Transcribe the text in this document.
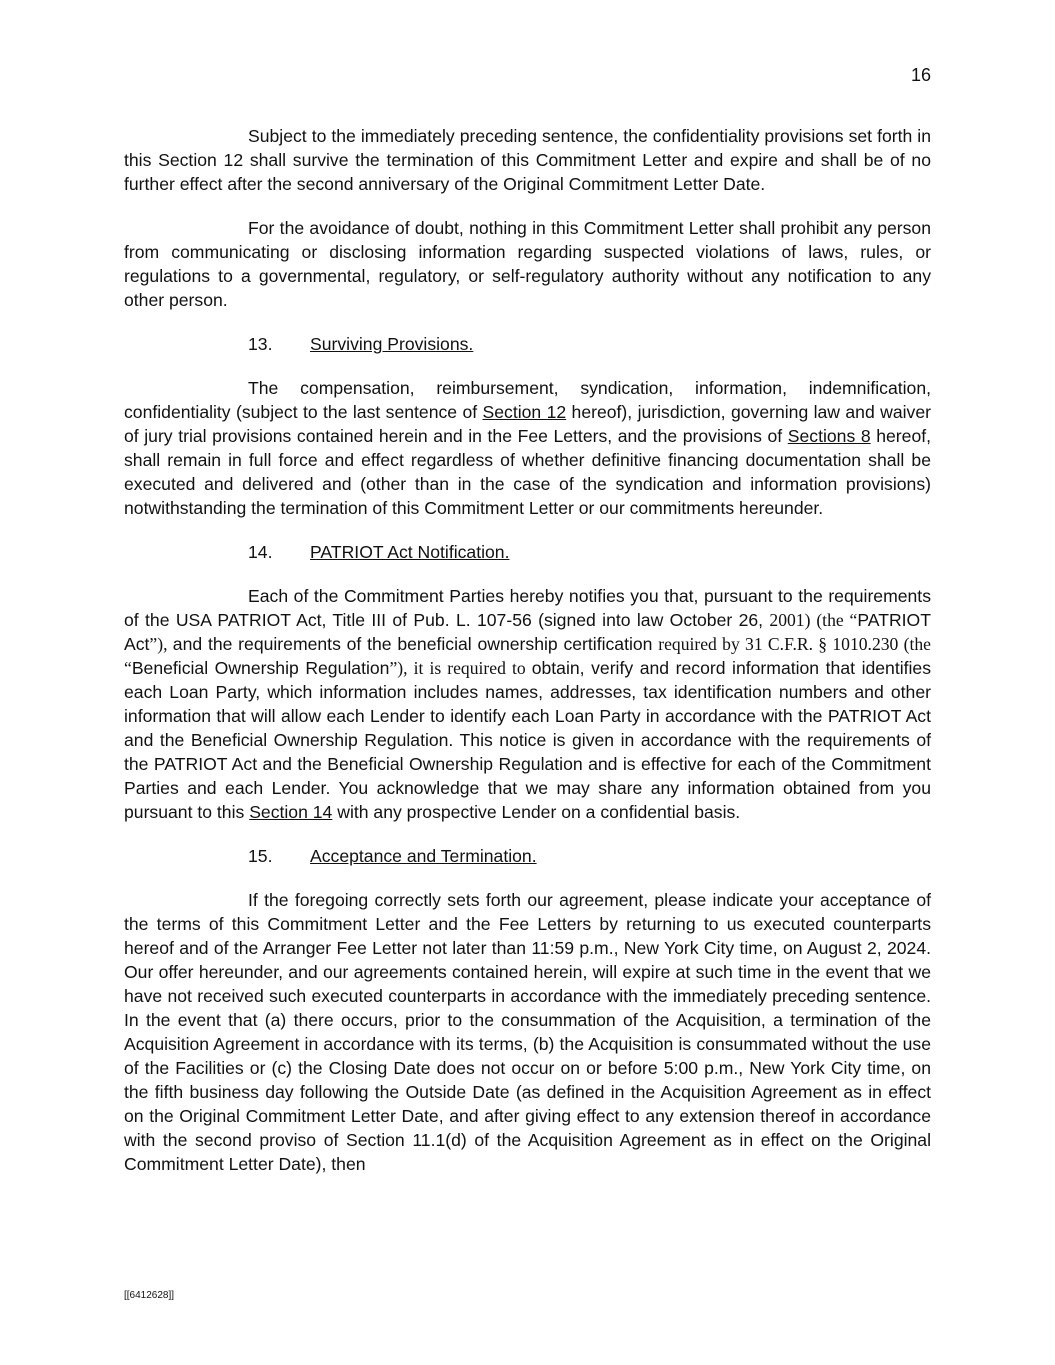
16

Subject to the immediately preceding sentence, the confidentiality provisions set forth in this Section 12 shall survive the termination of this Commitment Letter and expire and shall be of no further effect after the second anniversary of the Original Commitment Letter Date.

For the avoidance of doubt, nothing in this Commitment Letter shall prohibit any person from communicating or disclosing information regarding suspected violations of laws, rules, or regulations to a governmental, regulatory, or self-regulatory authority without any notification to any other person.

13.	Surviving Provisions.

The compensation, reimbursement, syndication, information, indemnification, confidentiality (subject to the last sentence of Section 12 hereof), jurisdiction, governing law and waiver of jury trial provisions contained herein and in the Fee Letters, and the provisions of Sections 8 hereof, shall remain in full force and effect regardless of whether definitive financing documentation shall be executed and delivered and (other than in the case of the syndication and information provisions) notwithstanding the termination of this Commitment Letter or our commitments hereunder.

14.	PATRIOT Act Notification.

Each of the Commitment Parties hereby notifies you that, pursuant to the requirements of the USA PATRIOT Act, Title III of Pub. L. 107-56 (signed into law October 26, 2001) (the “PATRIOT Act”), and the requirements of the beneficial ownership certification required by 31 C.F.R. § 1010.230 (the “Beneficial Ownership Regulation”), it is required to obtain, verify and record information that identifies each Loan Party, which information includes names, addresses, tax identification numbers and other information that will allow each Lender to identify each Loan Party in accordance with the PATRIOT Act and the Beneficial Ownership Regulation. This notice is given in accordance with the requirements of the PATRIOT Act and the Beneficial Ownership Regulation and is effective for each of the Commitment Parties and each Lender. You acknowledge that we may share any information obtained from you pursuant to this Section 14 with any prospective Lender on a confidential basis.

15.	Acceptance and Termination.

If the foregoing correctly sets forth our agreement, please indicate your acceptance of the terms of this Commitment Letter and the Fee Letters by returning to us executed counterparts hereof and of the Arranger Fee Letter not later than 11:59 p.m., New York City time, on August 2, 2024. Our offer hereunder, and our agreements contained herein, will expire at such time in the event that we have not received such executed counterparts in accordance with the immediately preceding sentence. In the event that (a) there occurs, prior to the consummation of the Acquisition, a termination of the Acquisition Agreement in accordance with its terms, (b) the Acquisition is consummated without the use of the Facilities or (c) the Closing Date does not occur on or before 5:00 p.m., New York City time, on the fifth business day following the Outside Date (as defined in the Acquisition Agreement as in effect on the Original Commitment Letter Date, and after giving effect to any extension thereof in accordance with the second proviso of Section 11.1(d) of the Acquisition Agreement as in effect on the Original Commitment Letter Date), then

[[6412628]]
